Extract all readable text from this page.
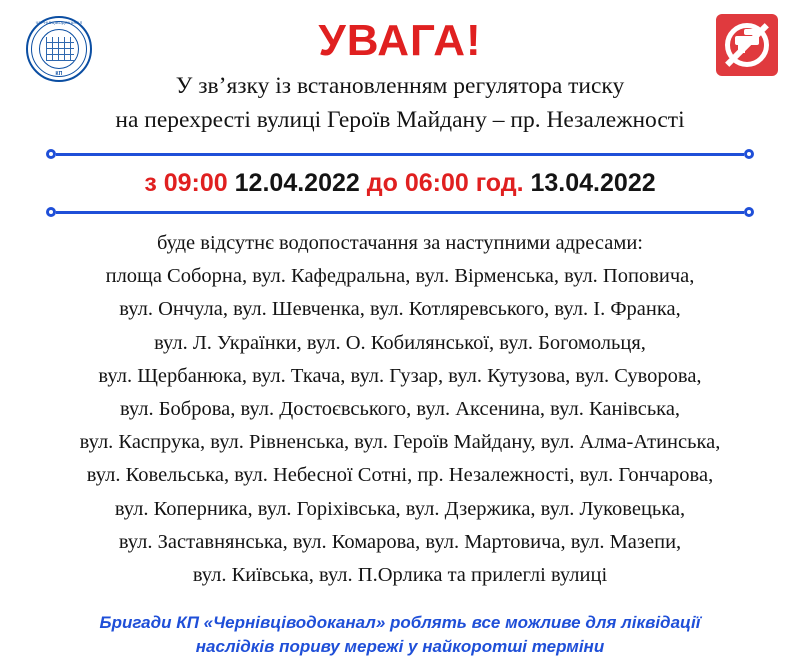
ЧЕРНІВЦІВОДОКАНАЛ
КП
УВАГА!
У зв’язку із встановленням регулятора тиску
на перехресті вулиці Героїв Майдану – пр. Незалежності
з 09:00 12.04.2022 до 06:00 год. 13.04.2022
буде відсутнє водопостачання за наступними адресами:
площа Соборна, вул. Кафедральна, вул. Вірменська, вул. Поповича,
вул. Ончула, вул. Шевченка, вул. Котляревського, вул. І. Франка,
вул. Л. Українки, вул. О. Кобилянської, вул. Богомольця,
вул. Щербанюка, вул. Ткача, вул. Гузар, вул. Кутузова, вул. Суворова,
вул. Боброва, вул. Достоєвського, вул. Аксенина, вул. Канівська,
вул. Каспрука, вул. Рівненська, вул. Героїв Майдану, вул. Алма-Атинська,
вул. Ковельська, вул. Небесної Сотні, пр. Незалежності, вул. Гончарова,
вул. Коперника, вул. Горіхівська, вул. Дзержика, вул. Луковецька,
вул. Заставнянська, вул. Комарова, вул. Мартовича, вул. Мазепи,
вул. Київська, вул. П.Орлика та прилеглі вулиці
Бригади КП «Чернівціводоканал» роблять все можливе для ліквідації
наслідків пориву мережі у найкоротші терміни
